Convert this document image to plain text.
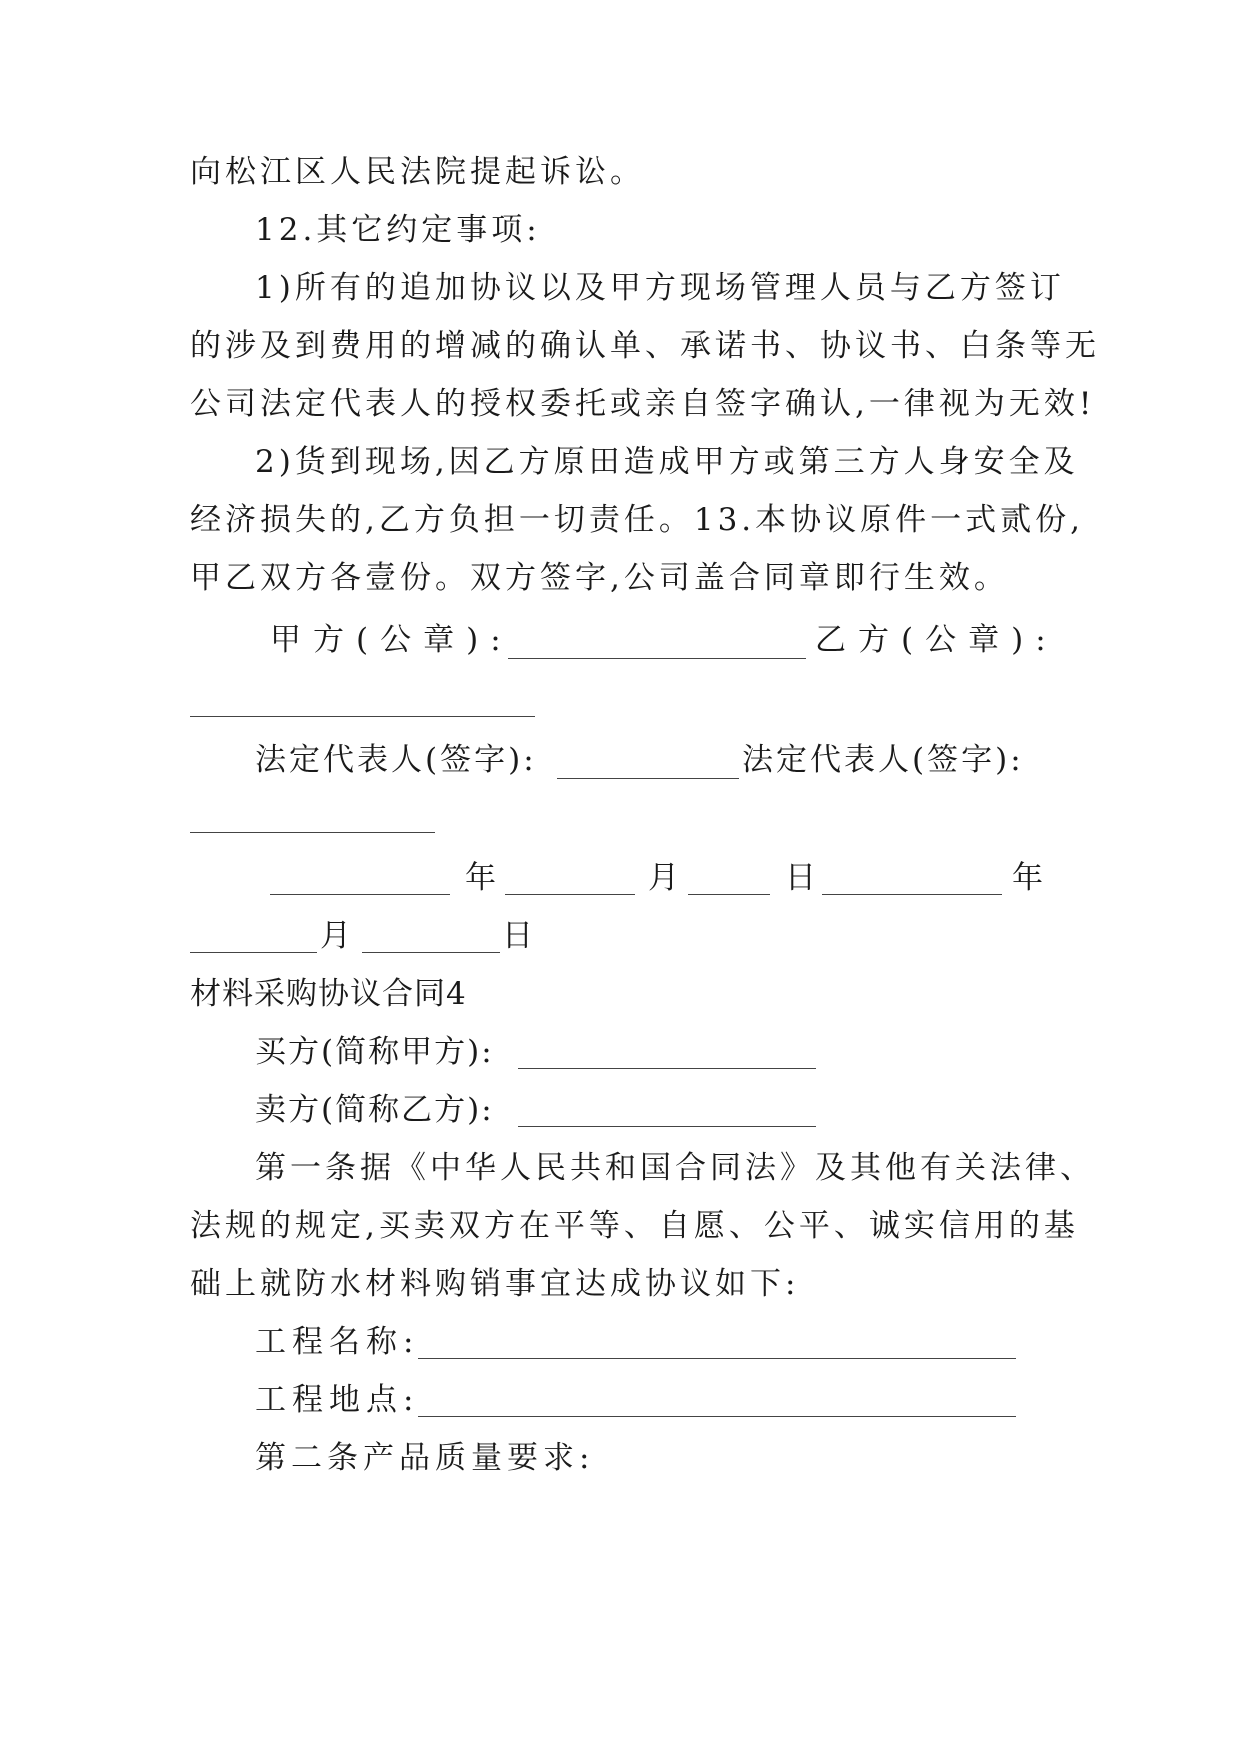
向松江区人民法院提起诉讼。
12.其它约定事项:
1)所有的追加协议以及甲方现场管理人员与乙方签订
的涉及到费用的增减的确认单、承诺书、协议书、白条等无
公司法定代表人的授权委托或亲自签字确认,一律视为无效!
2)货到现场,因乙方原田造成甲方或第三方人身安全及
经济损失的,乙方负担一切责任。13.本协议原件一式贰份,
甲乙双方各壹份。双方签字,公司盖合同章即行生效。
甲方(公章):	乙方(公章):
法定代表人(签字):	法定代表人(签字):
年	月	日	年
月	日
材料采购协议合同4
买方(简称甲方):
卖方(简称乙方):
第一条据《中华人民共和国合同法》及其他有关法律、
法规的规定,买卖双方在平等、自愿、公平、诚实信用的基
础上就防水材料购销事宜达成协议如下:
工程名称:
工程地点:
第二条产品质量要求:
